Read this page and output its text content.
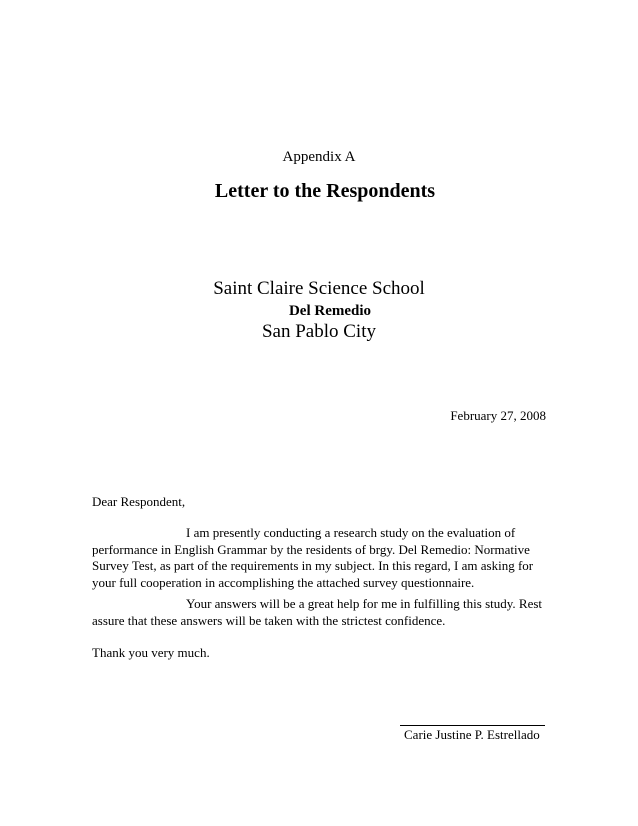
Appendix A
Letter to the Respondents
Saint Claire Science School
Del Remedio
San Pablo City
February 27, 2008
Dear Respondent,
I am presently conducting a research study on the evaluation of
performance in English Grammar by the residents of brgy. Del Remedio: Normative
Survey Test, as part of the requirements in my subject. In this regard, I am asking for
your full cooperation in accomplishing the attached survey questionnaire.
Your answers will be a great help for me in fulfilling this study. Rest
assure that these answers will be taken with the strictest confidence.
Thank you very much.
Carie Justine P. Estrellado
